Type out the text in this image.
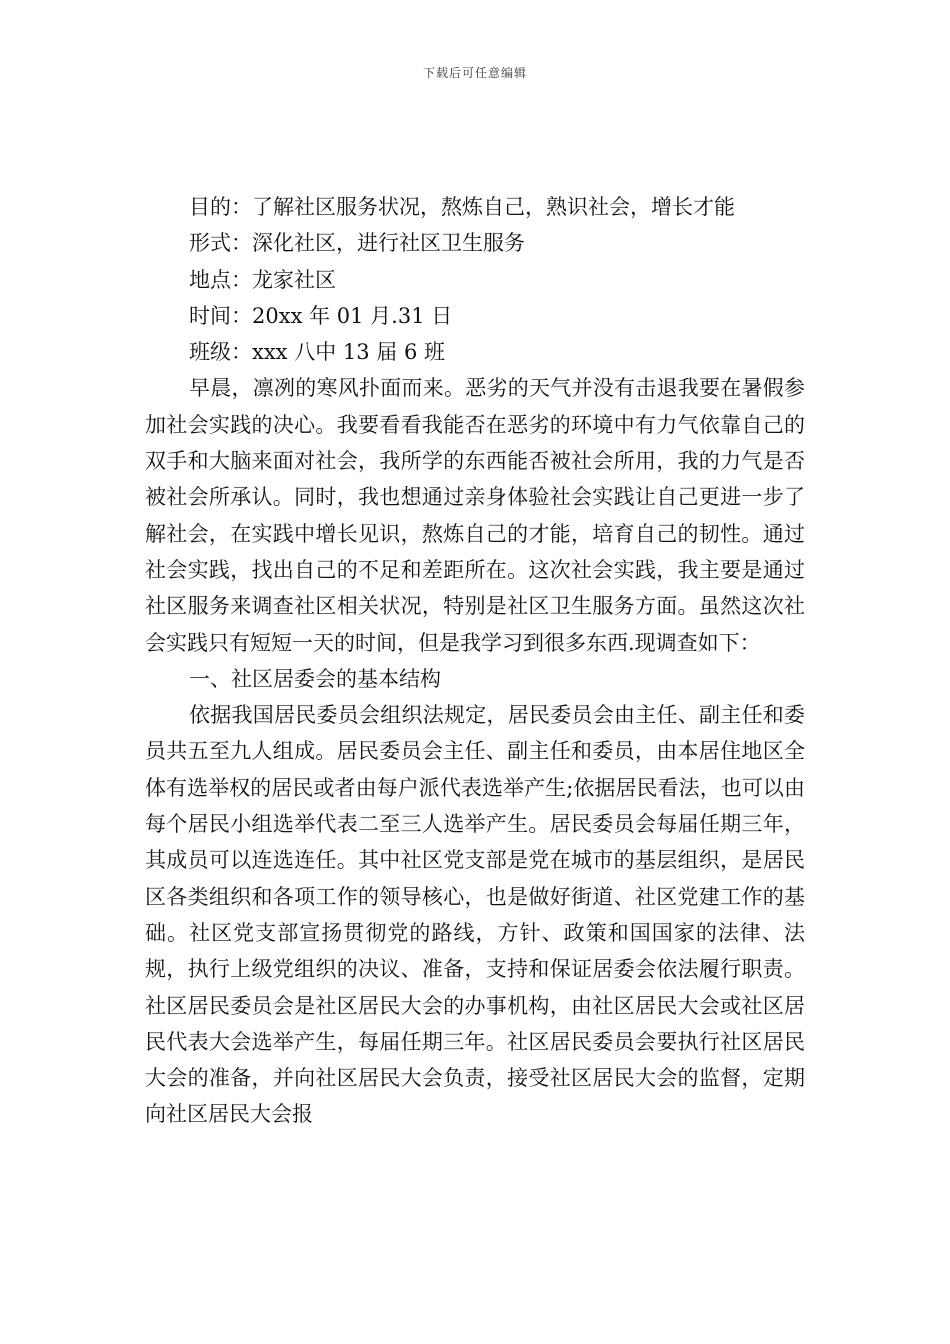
下载后可任意编辑

目的：了解社区服务状况，熬炼自己，熟识社会，增长才能

形式：深化社区，进行社区卫生服务

地点：龙家社区

时间：20xx 年 01 月.31 日

班级：xxx 八中 13 届 6 班

早晨，凛冽的寒风扑面而来。恶劣的天气并没有击退我要在暑假参加社会实践的决心。我要看看我能否在恶劣的环境中有力气依靠自己的双手和大脑来面对社会，我所学的东西能否被社会所用，我的力气是否被社会所承认。同时，我也想通过亲身体验社会实践让自己更进一步了解社会，在实践中增长见识，熬炼自己的才能，培育自己的韧性。通过社会实践，找出自己的不足和差距所在。这次社会实践，我主要是通过社区服务来调查社区相关状况，特别是社区卫生服务方面。虽然这次社会实践只有短短一天的时间，但是我学习到很多东西.现调查如下：

一、社区居委会的基本结构

依据我国居民委员会组织法规定，居民委员会由主任、副主任和委员共五至九人组成。居民委员会主任、副主任和委员，由本居住地区全体有选举权的居民或者由每户派代表选举产生;依据居民看法，也可以由每个居民小组选举代表二至三人选举产生。居民委员会每届任期三年，其成员可以连选连任。其中社区党支部是党在城市的基层组织，是居民区各类组织和各项工作的领导核心，也是做好街道、社区党建工作的基础。社区党支部宣扬贯彻党的路线，方针、政策和国国家的法律、法规，执行上级党组织的决议、准备，支持和保证居委会依法履行职责。社区居民委员会是社区居民大会的办事机构，由社区居民大会或社区居民代表大会选举产生，每届任期三年。社区居民委员会要执行社区居民大会的准备，并向社区居民大会负责，接受社区居民大会的监督，定期向社区居民大会报
